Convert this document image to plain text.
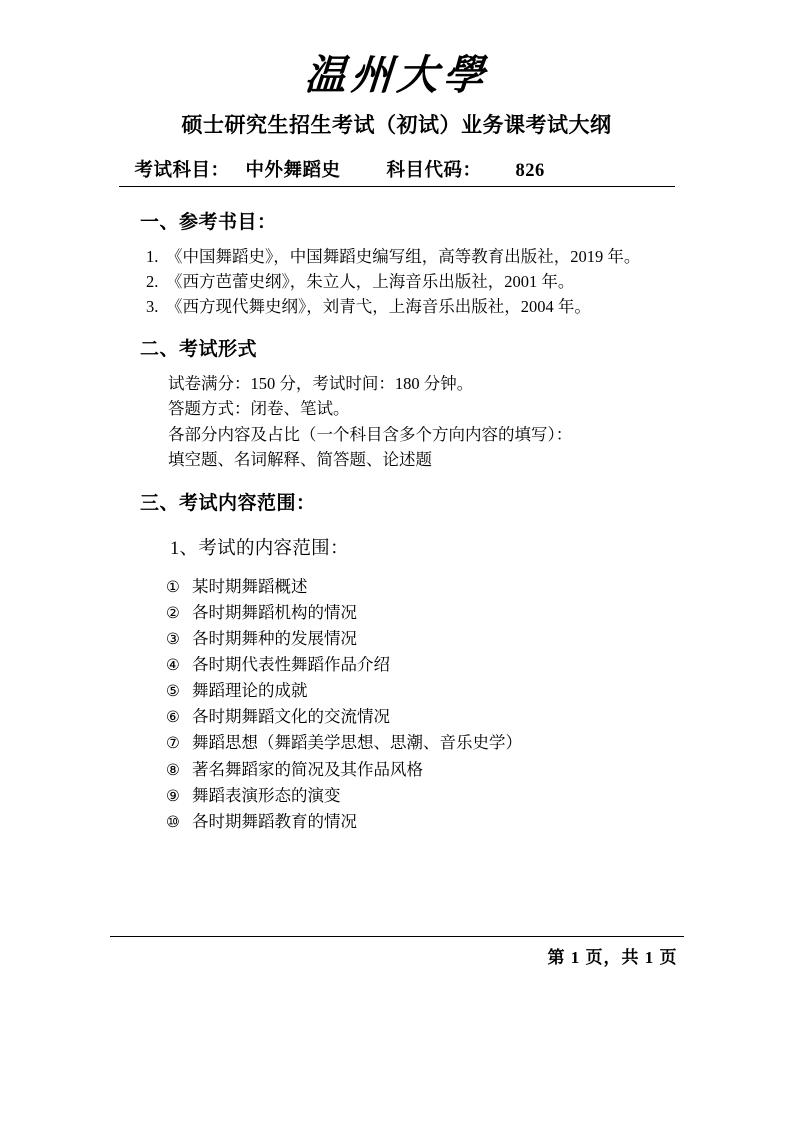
温州大學
硕士研究生招生考试（初试）业务课考试大纲
考试科目： 中外舞蹈史 科目代码： 826
一、参考书目：
1. 《中国舞蹈史》，中国舞蹈史编写组，高等教育出版社，2019 年。
2. 《西方芭蕾史纲》，朱立人，上海音乐出版社，2001 年。
3. 《西方现代舞史纲》，刘青弋，上海音乐出版社，2004 年。
二、考试形式
试卷满分：150 分，考试时间：180 分钟。
答题方式：闭卷、笔试。
各部分内容及占比（一个科目含多个方向内容的填写）：
填空题、名词解释、简答题、论述题
三、考试内容范围：
1、考试的内容范围：
① 某时期舞蹈概述
② 各时期舞蹈机构的情况
③ 各时期舞种的发展情况
④ 各时期代表性舞蹈作品介绍
⑤ 舞蹈理论的成就
⑥ 各时期舞蹈文化的交流情况
⑦ 舞蹈思想（舞蹈美学思想、思潮、音乐史学）
⑧ 著名舞蹈家的简况及其作品风格
⑨ 舞蹈表演形态的演变
⑩ 各时期舞蹈教育的情况
第 1 页，共 1 页
